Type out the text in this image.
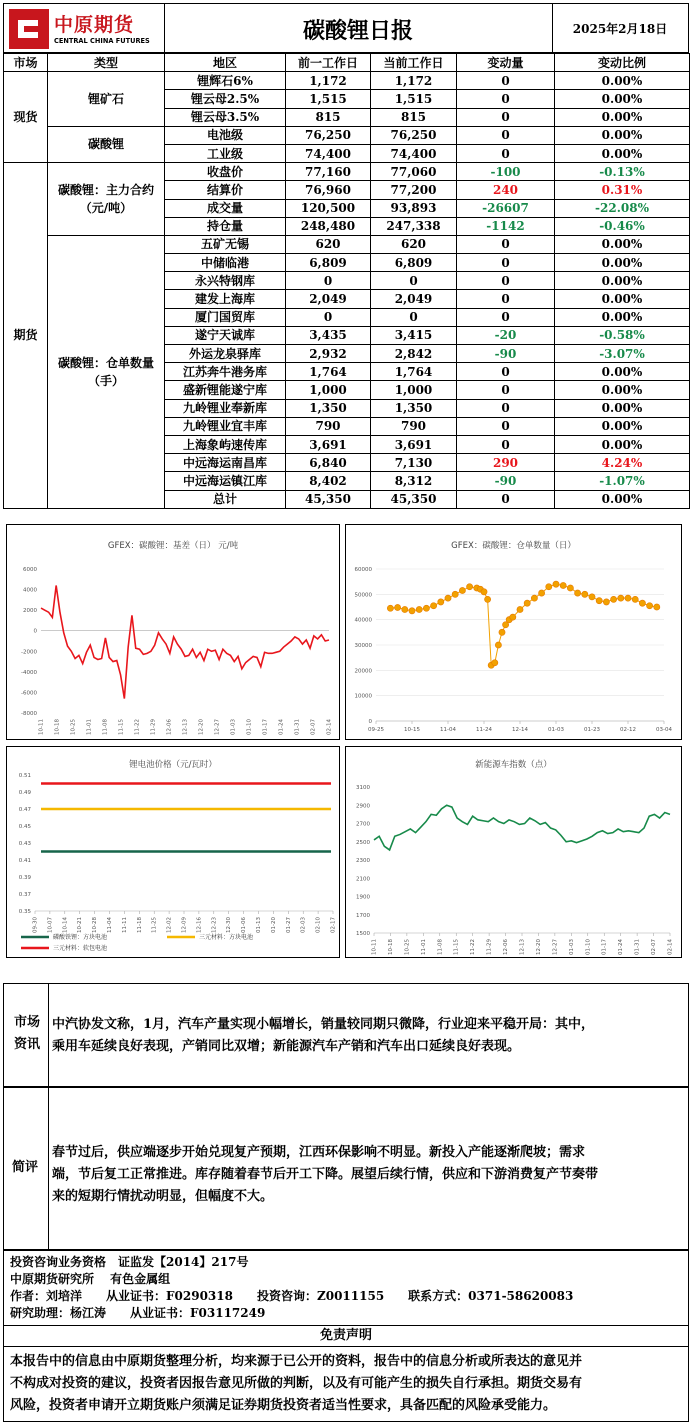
中原期货
CENTRAL CHINA FUTURES	碳酸锂日报	2025年2月18日
市场	类型	地区	前一工作日	当前工作日	变动量	变动比例
现货	锂矿石	锂辉石6%	1,172	1,172	0	0.00%
		锂云母2.5%	1,515	1,515	0	0.00%
		锂云母3.5%	815	815	0	0.00%
	碳酸锂	电池级	76,250	76,250	0	0.00%
		工业级	74,400	74,400	0	0.00%
期货	碳酸锂：主力合约（元/吨）	收盘价	77,160	77,060	-100	-0.13%
		结算价	76,960	77,200	240	0.31%
		成交量	120,500	93,893	-26607	-22.08%
		持仓量	248,480	247,338	-1142	-0.46%
	碳酸锂：仓单数量（手）	五矿无锡	620	620	0	0.00%
		中储临港	6,809	6,809	0	0.00%
		永兴特钢库	0	0	0	0.00%
		建发上海库	2,049	2,049	0	0.00%
		厦门国贸库	0	0	0	0.00%
		遂宁天诚库	3,435	3,415	-20	-0.58%
		外运龙泉驿库	2,932	2,842	-90	-3.07%
		江苏奔牛港务库	1,764	1,764	0	0.00%
		盛新锂能遂宁库	1,000	1,000	0	0.00%
		九岭锂业奉新库	1,350	1,350	0	0.00%
		九岭锂业宜丰库	790	790	0	0.00%
		上海象屿速传库	3,691	3,691	0	0.00%
		中远海运南昌库	6,840	7,130	290	4.24%
		中远海运镇江库	8,402	8,312	-90	-1.07%
		总计	45,350	45,350	0	0.00%
GFEX：碳酸锂：基差（日） 元/吨
6000
4000
2000
0
-2000
-4000
-6000
-8000
10-11 10-18 10-25 11-01 11-08 11-15 11-22 11-29 12-06 12-13 12-20 12-27 01-03 01-10 01-17 01-24 01-31 02-07 02-14
GFEX：碳酸锂：仓单数量（日）
60000
50000
40000
30000
20000
10000
0
09-25	10-15	11-04	11-24	12-14	01-03	01-23	02-12	03-04
锂电池价格（元/瓦时）
0.51
0.49
0.47
0.45
0.43
0.41
0.39
0.37
0.35
09-30 10-07 10-14 10-21 10-28 11-04 11-11 11-18 11-25 12-02 12-09 12-16 12-23 12-30 01-06 01-13 01-20 01-27 02-03 02-10 02-17
磷酸铁锂：方块电池	三元材料：方块电池
三元材料：软包电池
新能源车指数（点）
3100
2900
2700
2500
2300
2100
1900
1700
1500
10-11 10-18 10-25 11-01 11-08 11-15 11-22 11-29 12-06 12-13 12-20 12-27 01-03 01-10 01-17 01-24 01-31 02-07 02-14
市场资讯
中汽协发文称，1月，汽车产量实现小幅增长，销量较同期只微降，行业迎来平稳开局：其中，
乘用车延续良好表现，产销同比双增；新能源汽车产销和汽车出口延续良好表现。
简评
春节过后，供应端逐步开始兑现复产预期，江西环保影响不明显。新投入产能逐渐爬坡；需求
端，节后复工正常推进。库存随着春节后开工下降。展望后续行情，供应和下游消费复产节奏带
来的短期行情扰动明显，但幅度不大。
投资咨询业务资格　证监发【2014】217号
中原期货研究所　 有色金属组
作者：刘培洋　　从业证书：F0290318　　投资咨询：Z0011155　　联系方式：0371-58620083
研究助理：杨江涛　　从业证书：F03117249
免责声明
本报告中的信息由中原期货整理分析，均来源于已公开的资料，报告中的信息分析或所表达的意见并
不构成对投资的建议，投资者因报告意见所做的判断，以及有可能产生的损失自行承担。期货交易有
风险，投资者申请开立期货账户须满足证券期货投资者适当性要求，具备匹配的风险承受能力。
